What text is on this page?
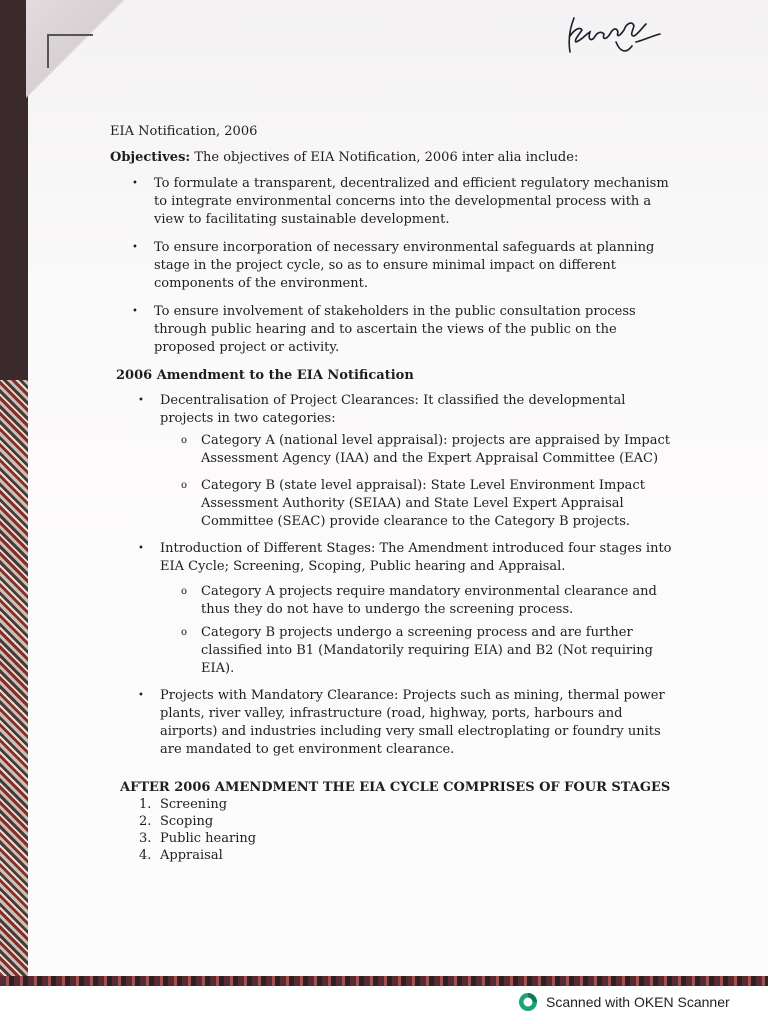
EIA Notification, 2006
Objectives: The objectives of EIA Notification, 2006 inter alia include:
• To formulate a transparent, decentralized and efficient regulatory mechanism
to integrate environmental concerns into the developmental process with a
view to facilitating sustainable development.
• To ensure incorporation of necessary environmental safeguards at planning
stage in the project cycle, so as to ensure minimal impact on different
components of the environment.
• To ensure involvement of stakeholders in the public consultation process
through public hearing and to ascertain the views of the public on the
proposed project or activity.
2006 Amendment to the EIA Notification
• Decentralisation of Project Clearances: It classified the developmental
projects in two categories:
o Category A (national level appraisal): projects are appraised by Impact
Assessment Agency (IAA) and the Expert Appraisal Committee (EAC)
o Category B (state level appraisal): State Level Environment Impact
Assessment Authority (SEIAA) and State Level Expert Appraisal
Committee (SEAC) provide clearance to the Category B projects.
• Introduction of Different Stages: The Amendment introduced four stages into
EIA Cycle; Screening, Scoping, Public hearing and Appraisal.
o Category A projects require mandatory environmental clearance and
thus they do not have to undergo the screening process.
o Category B projects undergo a screening process and are further
classified into B1 (Mandatorily requiring EIA) and B2 (Not requiring
EIA).
• Projects with Mandatory Clearance: Projects such as mining, thermal power
plants, river valley, infrastructure (road, highway, ports, harbours and
airports) and industries including very small electroplating or foundry units
are mandated to get environment clearance.
AFTER 2006 AMENDMENT THE EIA CYCLE COMPRISES OF FOUR STAGES
1. Screening
2. Scoping
3. Public hearing
4. Appraisal
Scanned with OKEN Scanner
